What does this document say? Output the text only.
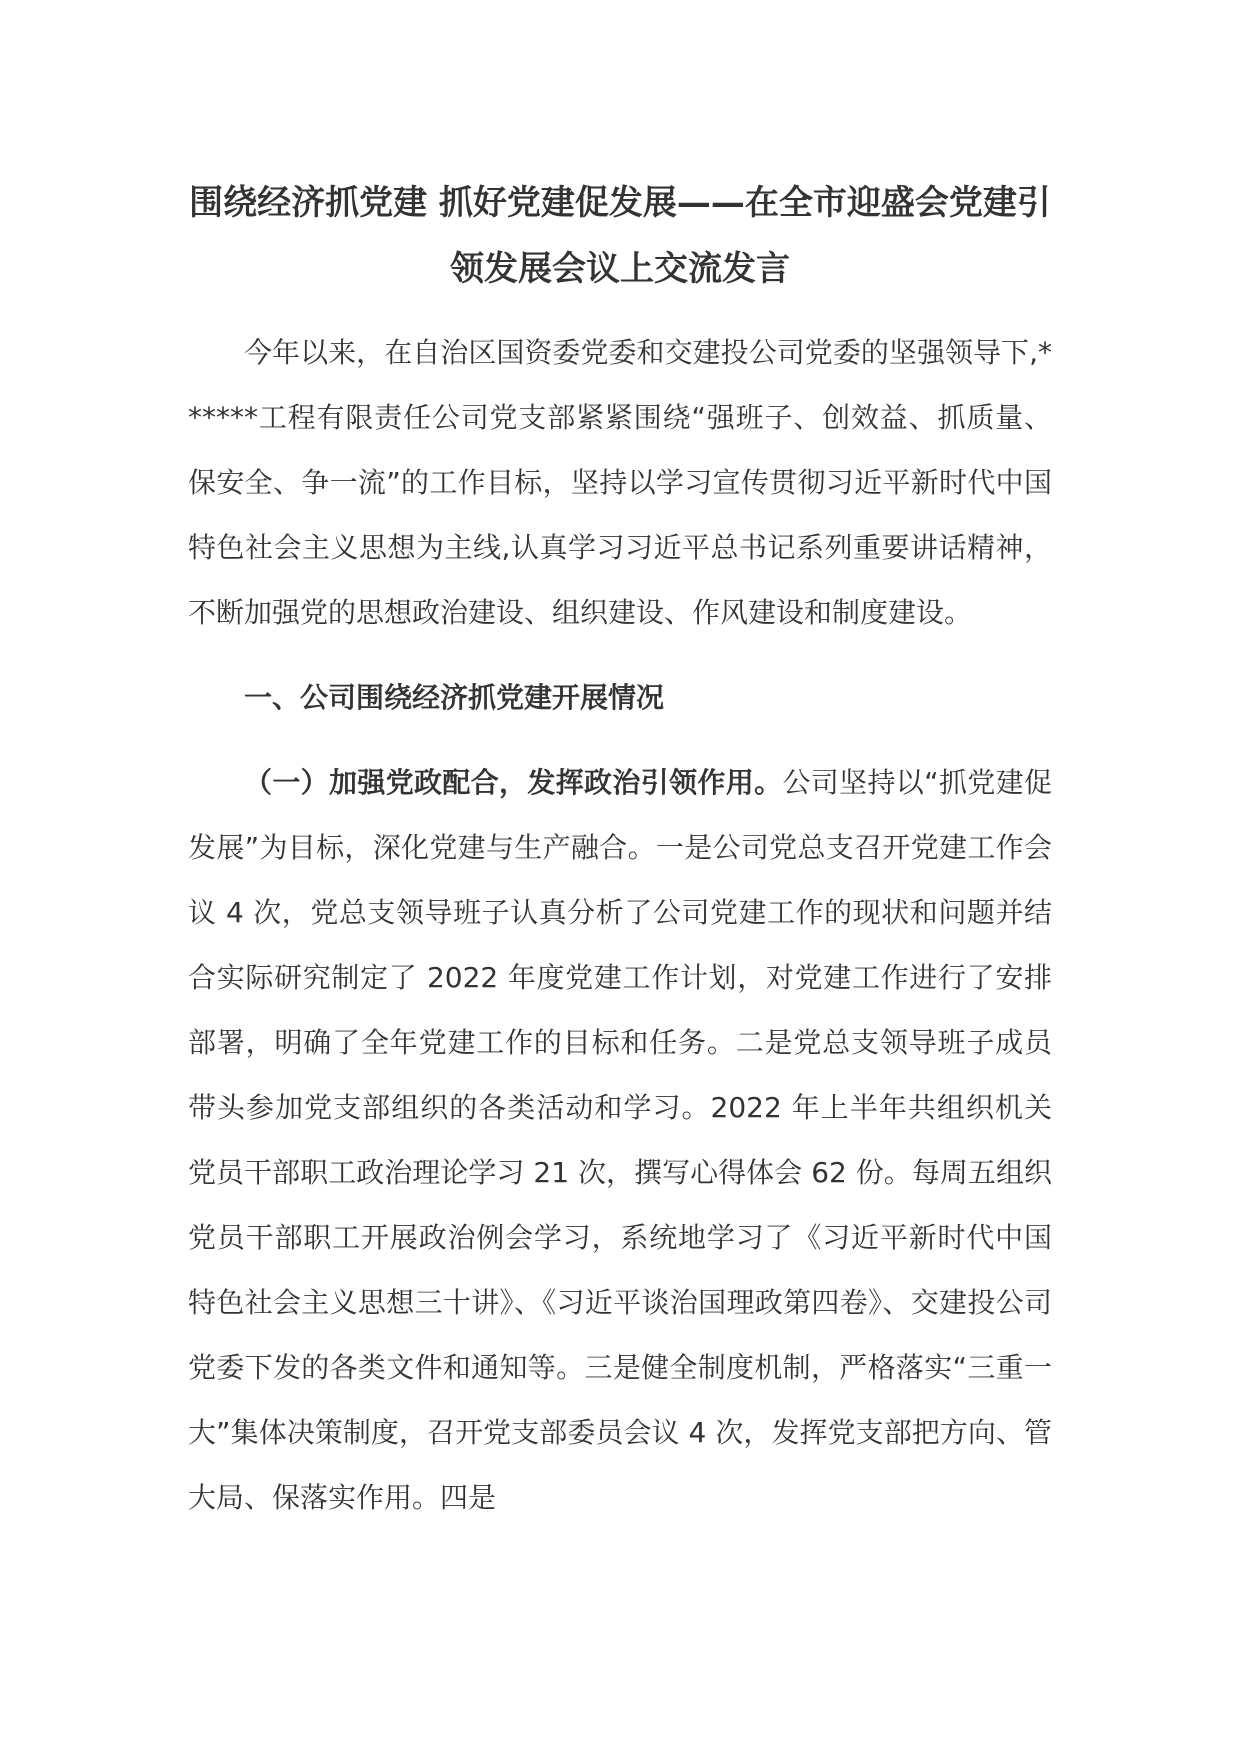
围绕经济抓党建 抓好党建促发展——在全市迎盛会党建引
领发展会议上交流发言

今年以来，在自治区国资委党委和交建投公司党委的坚强领导下,******工程有限责任公司党支部紧紧围绕“强班子、创效益、抓质量、保安全、争一流”的工作目标，坚持以学习宣传贯彻习近平新时代中国特色社会主义思想为主线,认真学习习近平总书记系列重要讲话精神，不断加强党的思想政治建设、组织建设、作风建设和制度建设。

一、公司围绕经济抓党建开展情况

（一）加强党政配合，发挥政治引领作用。公司坚持以“抓党建促发展”为目标，深化党建与生产融合。一是公司党总支召开党建工作会议 4 次，党总支领导班子认真分析了公司党建工作的现状和问题并结合实际研究制定了 2022 年度党建工作计划，对党建工作进行了安排部署，明确了全年党建工作的目标和任务。二是党总支领导班子成员带头参加党支部组织的各类活动和学习。2022 年上半年共组织机关党员干部职工政治理论学习 21 次，撰写心得体会 62 份。每周五组织党员干部职工开展政治例会学习，系统地学习了《习近平新时代中国特色社会主义思想三十讲》、《习近平谈治国理政第四卷》、交建投公司党委下发的各类文件和通知等。三是健全制度机制，严格落实“三重一大”集体决策制度，召开党支部委员会议 4 次，发挥党支部把方向、管大局、保落实作用。四是
